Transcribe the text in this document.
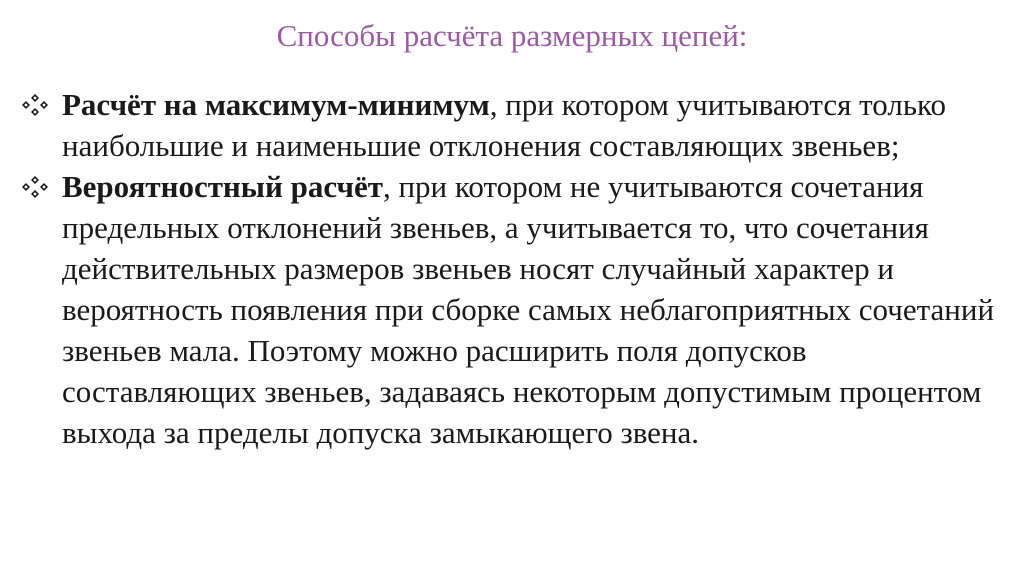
Способы расчёта размерных цепей:
Расчёт на максимум-минимум, при котором учитываются только наибольшие и наименьшие отклонения составляющих звеньев;
Вероятностный расчёт, при котором не учитываются сочетания предельных отклонений звеньев, а учитывается то, что сочетания действительных размеров звеньев носят случайный характер и вероятность появления при сборке самых неблагоприятных сочетаний звеньев мала. Поэтому можно расширить поля допусков составляющих звеньев, задаваясь некоторым допустимым процентом выхода за пределы допуска замыкающего звена.
